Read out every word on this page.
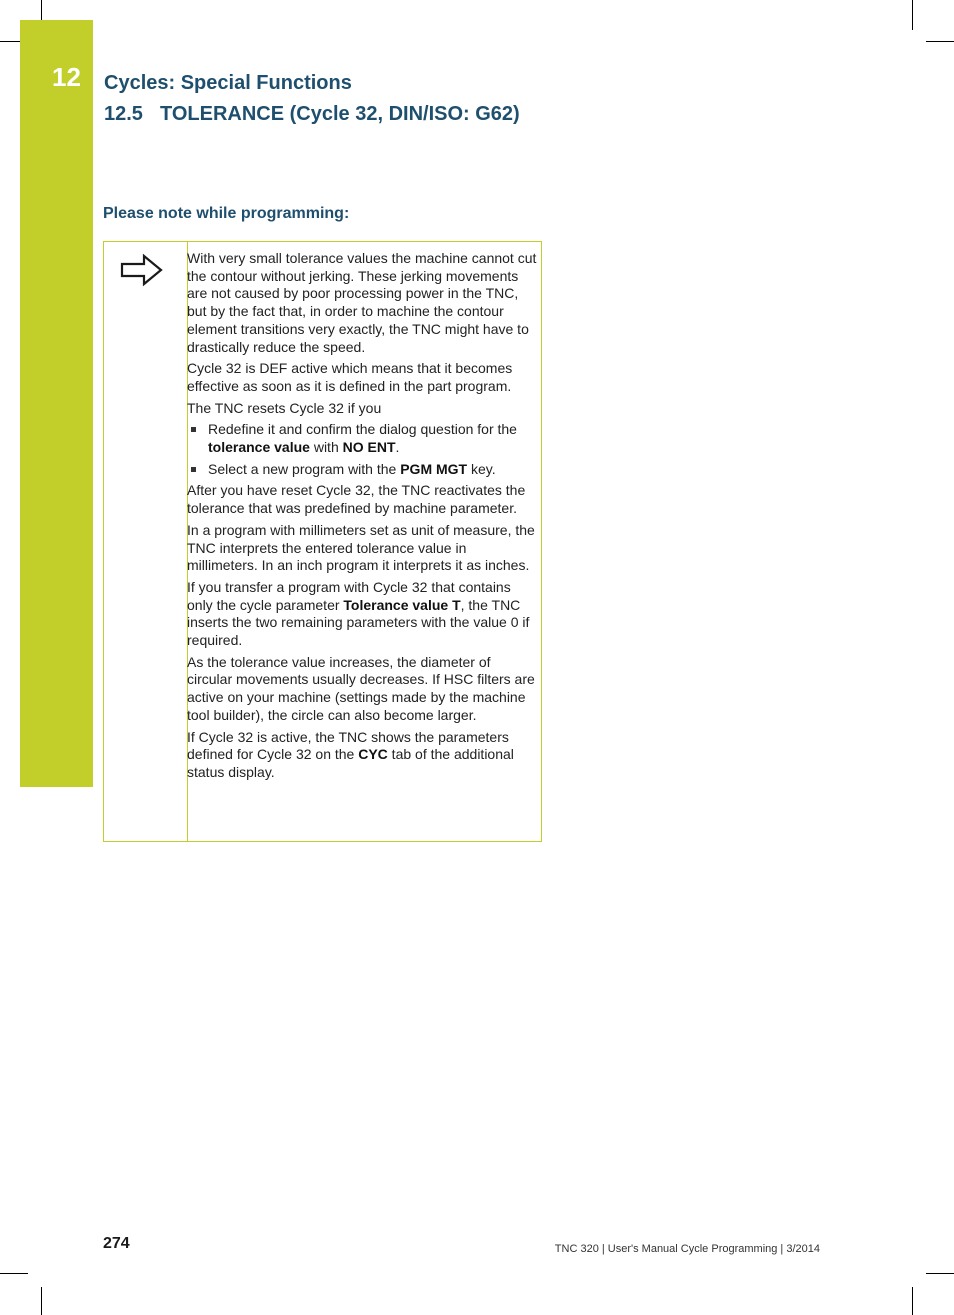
12 Cycles: Special Functions
12.5 TOLERANCE (Cycle 32, DIN/ISO: G62)
Please note while programming:

With very small tolerance values the machine cannot cut the contour without jerking. These jerking movements are not caused by poor processing power in the TNC, but by the fact that, in order to machine the contour element transitions very exactly, the TNC might have to drastically reduce the speed.

Cycle 32 is DEF active which means that it becomes effective as soon as it is defined in the part program.

The TNC resets Cycle 32 if you

Redefine it and confirm the dialog question for the tolerance value with NO ENT.
Select a new program with the PGM MGT key.

After you have reset Cycle 32, the TNC reactivates the tolerance that was predefined by machine parameter.

In a program with millimeters set as unit of measure, the TNC interprets the entered tolerance value in millimeters. In an inch program it interprets it as inches.

If you transfer a program with Cycle 32 that contains only the cycle parameter Tolerance value T, the TNC inserts the two remaining parameters with the value 0 if required.

As the tolerance value increases, the diameter of circular movements usually decreases. If HSC filters are active on your machine (settings made by the machine tool builder), the circle can also become larger.

If Cycle 32 is active, the TNC shows the parameters defined for Cycle 32 on the CYC tab of the additional status display.

274	TNC 320 | User's Manual Cycle Programming | 3/2014
